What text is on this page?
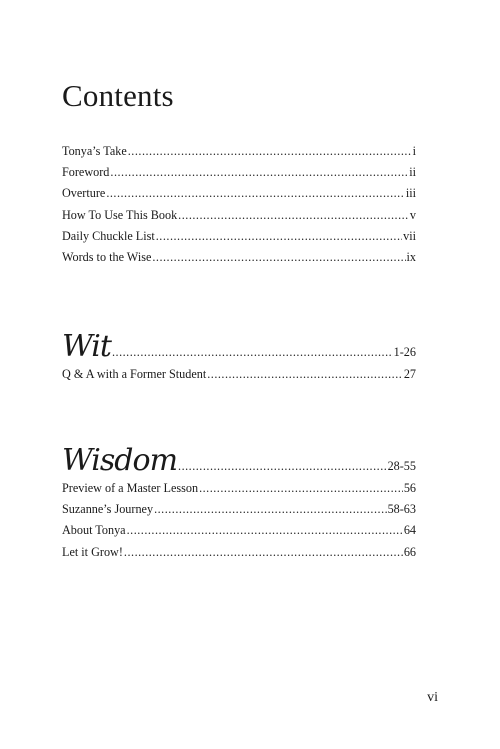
Contents
Tonya’s Take .....	i
Foreword .....	ii
Overture .....	iii
How To Use This Book .....	v
Daily Chuckle List .....	vii
Words to the Wise .....	ix
Wit .....	1-26
Q & A with a Former Student .....	27
Wisdom .....	28-55
Preview of a Master Lesson .....	56
Suzanne’s Journey .....	58-63
About Tonya .....	64
Let it Grow! .....	66
vi
